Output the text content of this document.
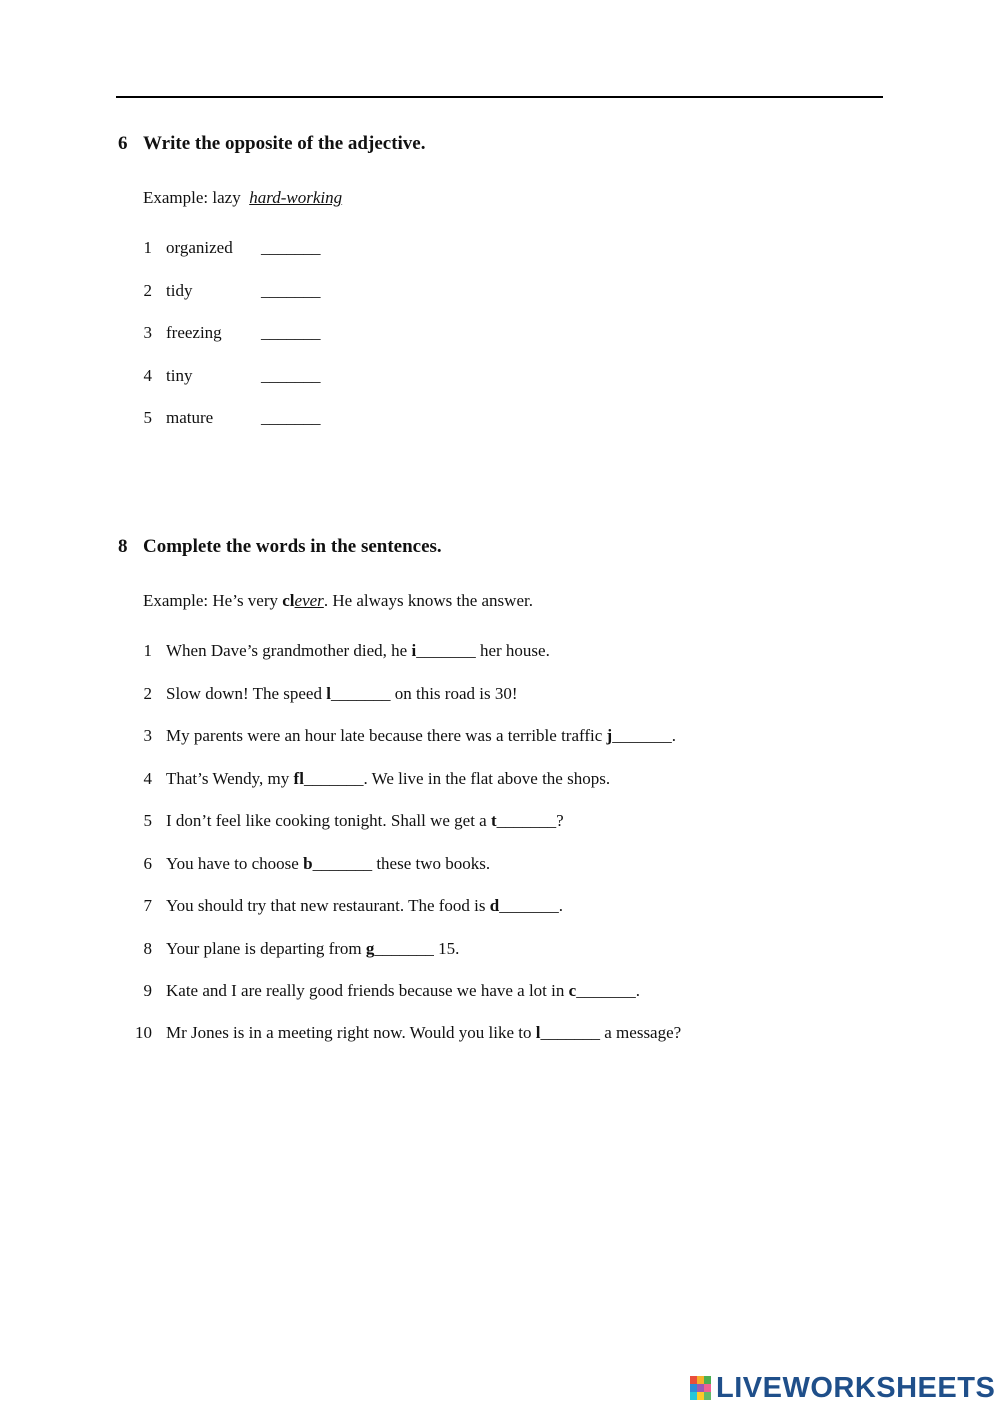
6 Write the opposite of the adjective.
Example: lazy hard-working
1 organized _______
2 tidy	_______
3 freezing _______
4 tiny	_______
5 mature	_______
8 Complete the words in the sentences.
Example: He’s very clever. He always knows the answer.
1 When Dave’s grandmother died, he i_______ her house.
2 Slow down! The speed l_______ on this road is 30!
3 My parents were an hour late because there was a terrible traffic j_______.
4 That’s Wendy, my fl_______. We live in the flat above the shops.
5 I don’t feel like cooking tonight. Shall we get a t_______?
6 You have to choose b_______ these two books.
7 You should try that new restaurant. The food is d_______.
8 Your plane is departing from g_______ 15.
9 Kate and I are really good friends because we have a lot in c_______.
10 Mr Jones is in a meeting right now. Would you like to l_______ a message?
LIVEWORKSHEETS
